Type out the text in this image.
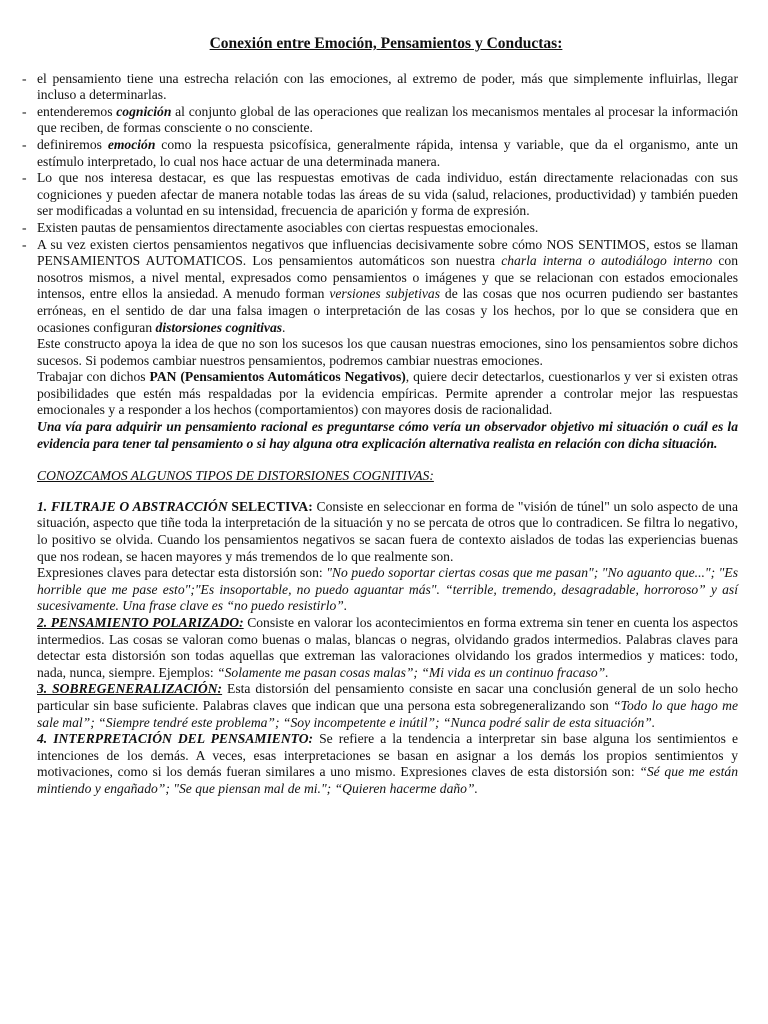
Conexión entre Emoción, Pensamientos y Conductas:
- el pensamiento tiene una estrecha relación con las emociones, al extremo de poder, más que simplemente influirlas, llegar incluso a determinarlas.
- entenderemos cognición al conjunto global de las operaciones que realizan los mecanismos mentales al procesar la información que reciben, de formas consciente o no consciente.
- definiremos emoción como la respuesta psicofísica, generalmente rápida, intensa y variable, que da el organismo, ante un estímulo interpretado, lo cual nos hace actuar de una determinada manera.
- Lo que nos interesa destacar, es que las respuestas emotivas de cada individuo, están directamente relacionadas con sus cogniciones y pueden afectar de manera notable todas las áreas de su vida (salud, relaciones, productividad) y también pueden ser modificadas a voluntad en su intensidad, frecuencia de aparición y forma de expresión.
- Existen pautas de pensamientos directamente asociables con ciertas respuestas emocionales.
- A su vez existen ciertos pensamientos negativos que influencias decisivamente sobre cómo NOS SENTIMOS, estos se llaman PENSAMIENTOS AUTOMATICOS. Los pensamientos automáticos son nuestra charla interna o autodiálogo interno con nosotros mismos, a nivel mental, expresados como pensamientos o imágenes y que se relacionan con estados emocionales intensos, entre ellos la ansiedad. A menudo forman versiones subjetivas de las cosas que nos ocurren pudiendo ser bastantes erróneas, en el sentido de dar una falsa imagen o interpretación de las cosas y los hechos, por lo que se considera que en ocasiones configuran distorsiones cognitivas.

Este constructo apoya la idea de que no son los sucesos los que causan nuestras emociones, sino los pensamientos sobre dichos sucesos. Si podemos cambiar nuestros pensamientos, podremos cambiar nuestras emociones.

Trabajar con dichos PAN (Pensamientos Automáticos Negativos), quiere decir detectarlos, cuestionarlos y ver si existen otras posibilidades que estén más respaldadas por la evidencia empíricas. Permite aprender a controlar mejor las respuestas emocionales y a responder a los hechos (comportamientos) con mayores dosis de racionalidad.

Una vía para adquirir un pensamiento racional es preguntarse cómo vería un observador objetivo mi situación o cuál es la evidencia para tener tal pensamiento o si hay alguna otra explicación alternativa realista en relación con dicha situación.

CONOZCAMOS ALGUNOS TIPOS DE DISTORSIONES COGNITIVAS:

1. FILTRAJE O ABSTRACCIÓN SELECTIVA: Consiste en seleccionar en forma de "visión de túnel" un solo aspecto de una situación, aspecto que tiñe toda la interpretación de la situación y no se percata de otros que lo contradicen. Se filtra lo negativo, lo positivo se olvida. Cuando los pensamientos negativos se sacan fuera de contexto aislados de todas las experiencias buenas que nos rodean, se hacen mayores y más tremendos de lo que realmente son.

Expresiones claves para detectar esta distorsión son: "No puedo soportar ciertas cosas que me pasan"; "No aguanto que..."; "Es horrible que me pase esto";"Es insoportable, no puedo aguantar más". “terrible, tremendo, desagradable, horroroso” y así sucesivamente. Una frase clave es “no puedo resistirlo”.

2. PENSAMIENTO POLARIZADO: Consiste en valorar los acontecimientos en forma extrema sin tener en cuenta los aspectos intermedios. Las cosas se valoran como buenas o malas, blancas o negras, olvidando grados intermedios. Palabras claves para detectar esta distorsión son todas aquellas que extreman las valoraciones olvidando los grados intermedios y matices: todo, nada, nunca, siempre. Ejemplos: “Solamente me pasan cosas malas”; “Mi vida es un continuo fracaso”.

3. SOBREGENERALIZACIÓN: Esta distorsión del pensamiento consiste en sacar una conclusión general de un solo hecho particular sin base suficiente. Palabras claves que indican que una persona esta sobregeneralizando son “Todo lo que hago me sale mal”; “Siempre tendré este problema”; “Soy incompetente e inútil”; “Nunca podré salir de esta situación”.

4. INTERPRETACIÓN DEL PENSAMIENTO: Se refiere a la tendencia a interpretar sin base alguna los sentimientos e intenciones de los demás. A veces, esas interpretaciones se basan en asignar a los demás los propios sentimientos y motivaciones, como si los demás fueran similares a uno mismo. Expresiones claves de esta distorsión son: “Sé que me están mintiendo y engañado”; "Se que piensan mal de mi."; “Quieren hacerme daño”.
